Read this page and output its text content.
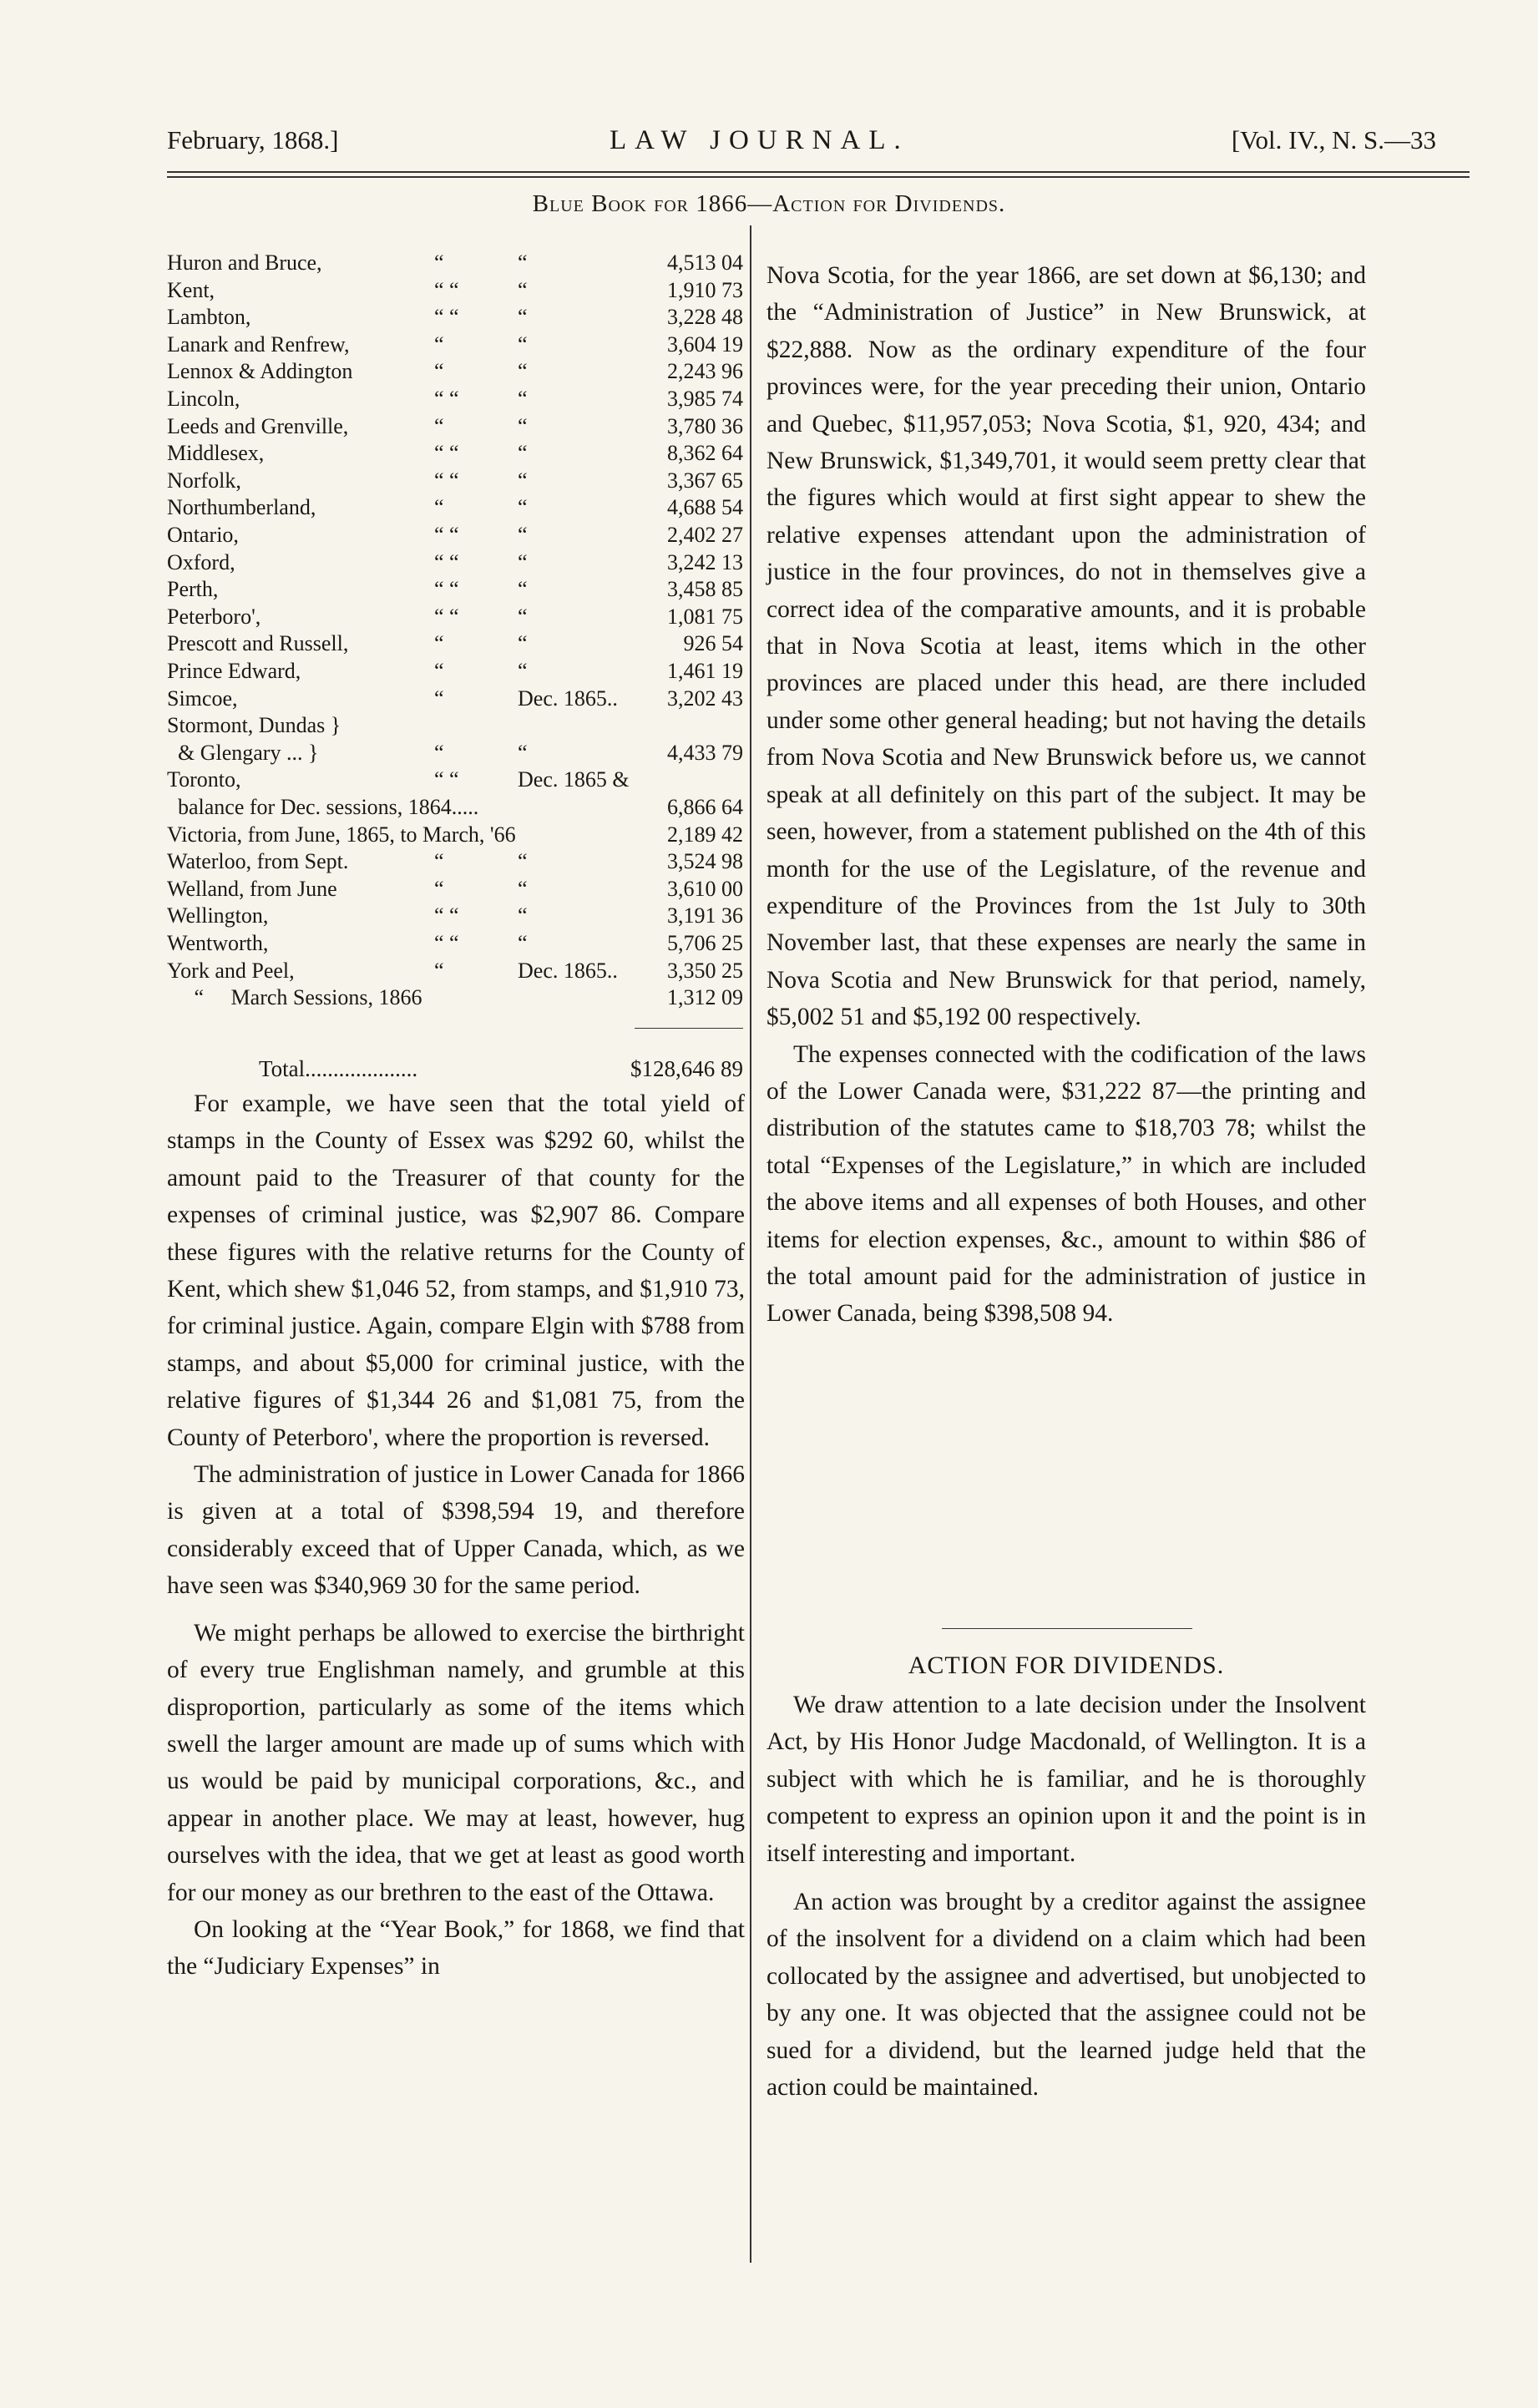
February, 1868.]	LAW JOURNAL.	[Vol. IV., N. S.—33
Blue Book for 1866—Action for Dividends.
Huron and Bruce,	“	“	4,513 04
Kent,	“ “	“	1,910 73
Lambton,	“ “	“	3,228 48
Lanark and Renfrew,	“	“	3,604 19
Lennox & Addington	“	“	2,243 96
Lincoln,	“ “	“	3,985 74
Leeds and Grenville,	“	“	3,780 36
Middlesex,	“ “	“	8,362 64
Norfolk,	“ “	“	3,367 65
Northumberland,	“	“	4,688 54
Ontario,	“ “	“	2,402 27
Oxford,	“ “	“	3,242 13
Perth,	“ “	“	3,458 85
Peterboro',	“ “	“	1,081 75
Prescott and Russell,	“	“	926 54
Prince Edward,	“	“	1,461 19
Simcoe,	“	Dec. 1865.. 3,202 43
Stormont, Dundas }
& Glengary ... }	“	“	4,433 79
Toronto,	“ “	Dec. 1865 &
balance for Dec. sessions, 1864.....	6,866 64
Victoria, from June, 1865, to March, '66	2,189 42
Waterloo, from Sept.	“	“	3,524 98
Welland, from June	“	“	3,610 00
Wellington,	“ “	“	3,191 36
Wentworth,	“ “	“	5,706 25
York and Peel,	“	Dec. 1865.. 3,350 25
“     March Sessions, 1866	1,312 09
Total....................	$128,646 89

For example, we have seen that the total yield of stamps in the County of Essex was $292 60, whilst the amount paid to the Treasurer of that county for the expenses of criminal justice, was $2,907 86. Compare these figures with the relative returns for the County of Kent, which shew $1,046 52, from stamps, and $1,910 73, for criminal justice. Again, compare Elgin with $788 from stamps, and about $5,000 for criminal justice, with the relative figures of $1,344 26 and $1,081 75, from the County of Peterboro', where the proportion is reversed.

The administration of justice in Lower Canada for 1866 is given at a total of $398,594 19, and therefore considerably exceed that of Upper Canada, which, as we have seen was $340,969 30 for the same period.

We might perhaps be allowed to exercise the birthright of every true Englishman namely, and grumble at this disproportion, particularly as some of the items which swell the larger amount are made up of sums which with us would be paid by municipal corporations, &c., and appear in another place. We may at least, however, hug ourselves with the idea, that we get at least as good worth for our money as our brethren to the east of the Ottawa.

On looking at the “Year Book,” for 1868, we find that the “Judiciary Expenses” in

Nova Scotia, for the year 1866, are set down at $6,130; and the “Administration of Justice” in New Brunswick, at $22,888. Now as the ordinary expenditure of the four provinces were, for the year preceding their union, Ontario and Quebec, $11,957,053; Nova Scotia, $1, 920, 434; and New Brunswick, $1,349,701, it would seem pretty clear that the figures which would at first sight appear to shew the relative expenses attendant upon the administration of justice in the four provinces, do not in themselves give a correct idea of the comparative amounts, and it is probable that in Nova Scotia at least, items which in the other provinces are placed under this head, are there included under some other general heading; but not having the details from Nova Scotia and New Brunswick before us, we cannot speak at all definitely on this part of the subject. It may be seen, however, from a statement published on the 4th of this month for the use of the Legislature, of the revenue and expenditure of the Provinces from the 1st July to 30th November last, that these expenses are nearly the same in Nova Scotia and New Brunswick for that period, namely, $5,002 51 and $5,192 00 respectively.

The expenses connected with the codification of the laws of the Lower Canada were, $31,222 87—the printing and distribution of the statutes came to $18,703 78; whilst the total “Expenses of the Legislature,” in which are included the above items and all expenses of both Houses, and other items for election expenses, &c., amount to within $86 of the total amount paid for the administration of justice in Lower Canada, being $398,508 94.

ACTION FOR DIVIDENDS.

We draw attention to a late decision under the Insolvent Act, by His Honor Judge Macdonald, of Wellington. It is a subject with which he is familiar, and he is thoroughly competent to express an opinion upon it and the point is in itself interesting and important.

An action was brought by a creditor against the assignee of the insolvent for a dividend on a claim which had been collocated by the assignee and advertised, but unobjected to by any one. It was objected that the assignee could not be sued for a dividend, but the learned judge held that the action could be maintained.
